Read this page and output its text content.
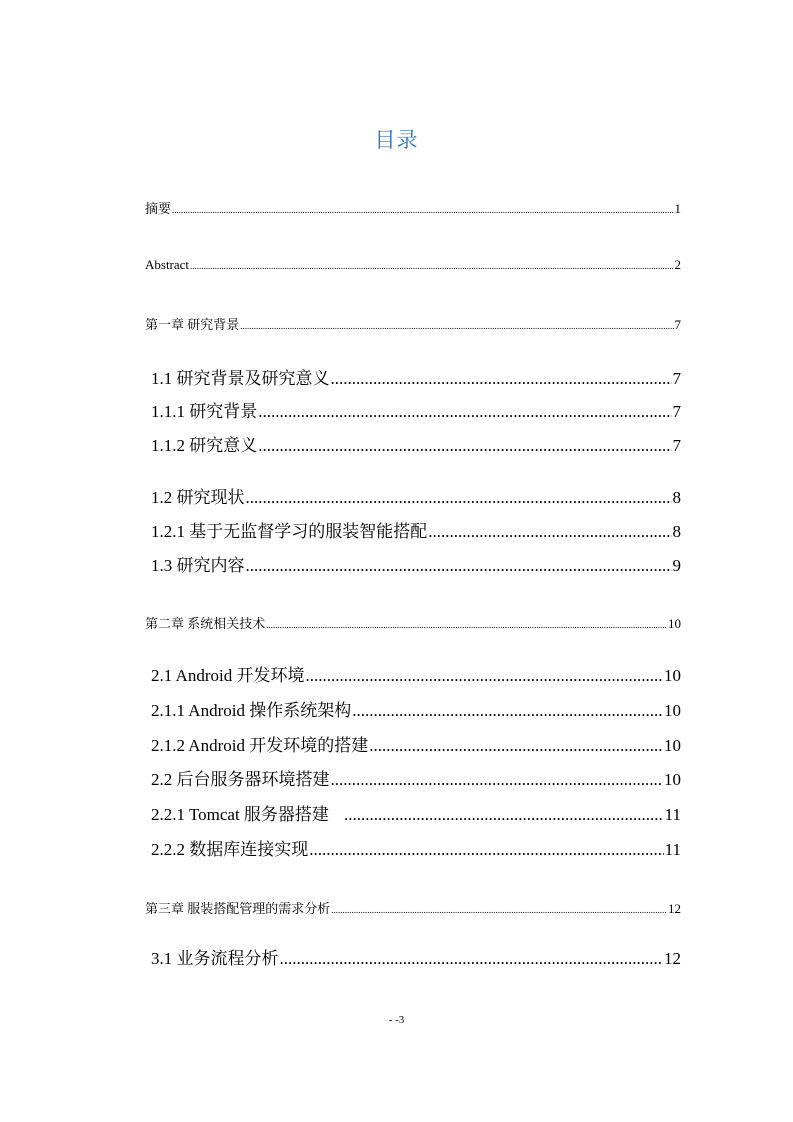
目录
摘要 .....	1
Abstract .....	2
第一章 研究背景 .....	7
1.1 研究背景及研究意义 .....	7
1.1.1 研究背景 .....	7
1.1.2 研究意义 .....	7
1.2 研究现状 .....	8
1.2.1 基于无监督学习的服装智能搭配 .....	8
1.3 研究内容 .....	9
第二章 系统相关技术 .....	10
2.1 Android 开发环境 .....	10
2.1.1 Android 操作系统架构 .....	10
2.1.2 Android 开发环境的搭建 .....	10
2.2 后台服务器环境搭建 .....	10
2.2.1 Tomcat 服务器搭建 .....	11
2.2.2 数据库连接实现 .....	11
第三章 服装搭配管理的需求分析 .....	12
3.1 业务流程分析 .....	12
- -3
